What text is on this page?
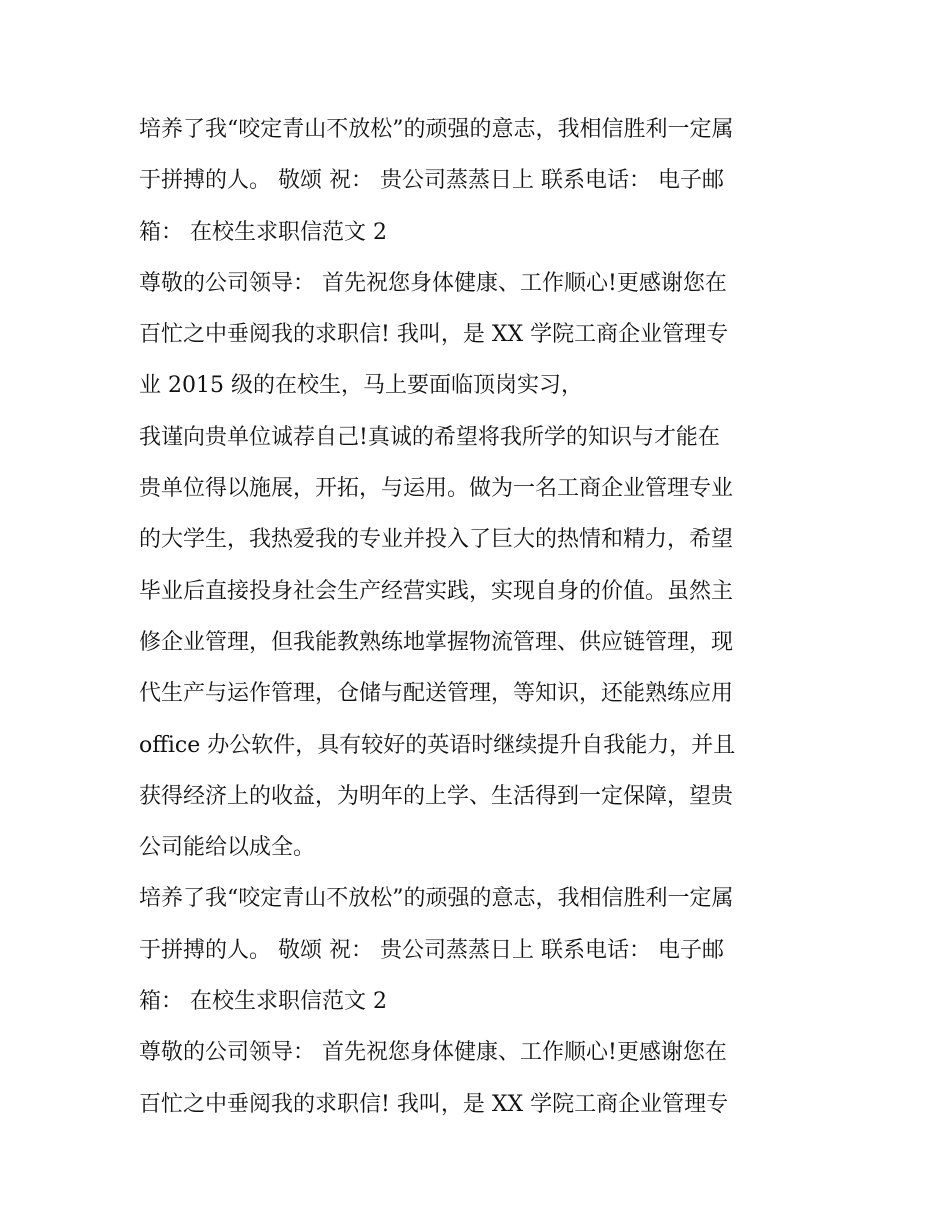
培养了我“咬定青山不放松”的顽强的意志，我相信胜利一定属
于拼搏的人。 敬颂 祝： 贵公司蒸蒸日上 联系电话： 电子邮
箱： 在校生求职信范文 2
尊敬的公司领导： 首先祝您身体健康、工作顺心!更感谢您在
百忙之中垂阅我的求职信! 我叫，是 XX 学院工商企业管理专
业 2015 级的在校生，马上要面临顶岗实习，
我谨向贵单位诚荐自己!真诚的希望将我所学的知识与才能在
贵单位得以施展，开拓，与运用。做为一名工商企业管理专业
的大学生，我热爱我的专业并投入了巨大的热情和精力，希望
毕业后直接投身社会生产经营实践，实现自身的价值。虽然主
修企业管理，但我能教熟练地掌握物流管理、供应链管理，现
代生产与运作管理，仓储与配送管理，等知识，还能熟练应用
office 办公软件，具有较好的英语时继续提升自我能力，并且
获得经济上的收益，为明年的上学、生活得到一定保障，望贵
公司能给以成全。
培养了我“咬定青山不放松”的顽强的意志，我相信胜利一定属
于拼搏的人。 敬颂 祝： 贵公司蒸蒸日上 联系电话： 电子邮
箱： 在校生求职信范文 2
尊敬的公司领导： 首先祝您身体健康、工作顺心!更感谢您在
百忙之中垂阅我的求职信! 我叫，是 XX 学院工商企业管理专
